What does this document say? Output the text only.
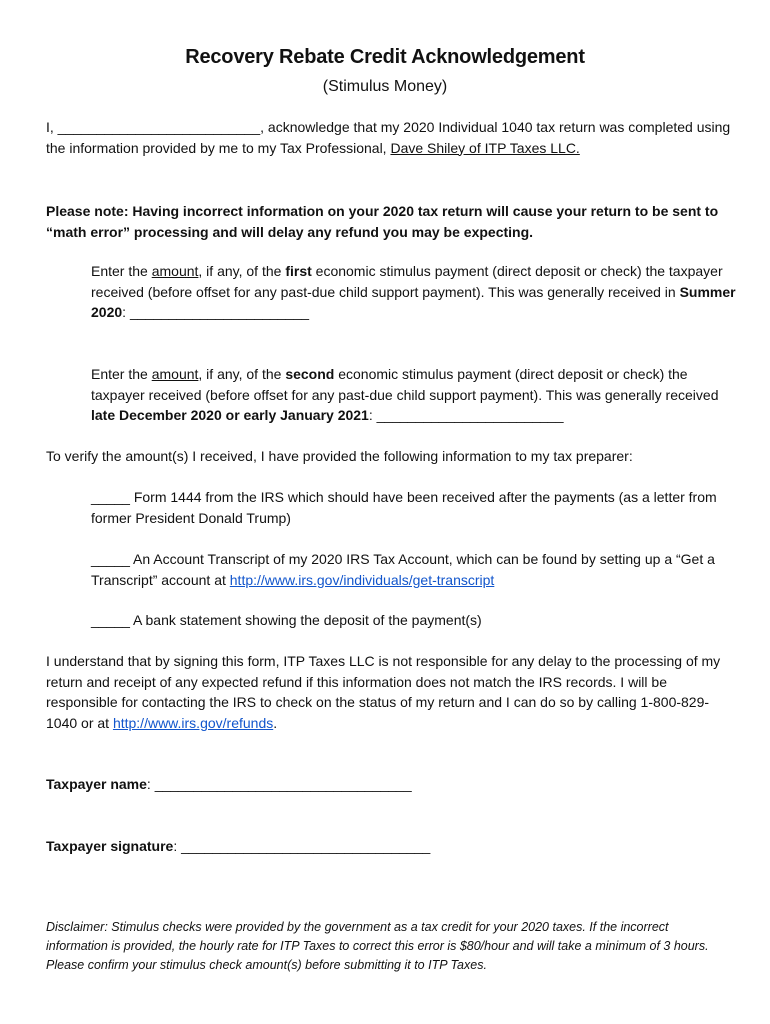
Recovery Rebate Credit Acknowledgement
(Stimulus Money)
I, __________________________, acknowledge that my 2020 Individual 1040 tax return was completed using the information provided by me to my Tax Professional, Dave Shiley of ITP Taxes LLC.
Please note: Having incorrect information on your 2020 tax return will cause your return to be sent to “math error” processing and will delay any refund you may be expecting.
Enter the amount, if any, of the first economic stimulus payment (direct deposit or check) the taxpayer received (before offset for any past-due child support payment). This was generally received in Summer 2020: _______________________
Enter the amount, if any, of the second economic stimulus payment (direct deposit or check) the taxpayer received (before offset for any past-due child support payment). This was generally received late December 2020 or early January 2021: ________________________
To verify the amount(s) I received, I have provided the following information to my tax preparer:
_____ Form 1444 from the IRS which should have been received after the payments (as a letter from former President Donald Trump)
_____ An Account Transcript of my 2020 IRS Tax Account, which can be found by setting up a “Get a Transcript” account at http://www.irs.gov/individuals/get-transcript
_____ A bank statement showing the deposit of the payment(s)
I understand that by signing this form, ITP Taxes LLC is not responsible for any delay to the processing of my return and receipt of any expected refund if this information does not match the IRS records. I will be responsible for contacting the IRS to check on the status of my return and I can do so by calling 1-800-829-1040 or at http://www.irs.gov/refunds.
Taxpayer name: _________________________________
Taxpayer signature: ________________________________
Disclaimer: Stimulus checks were provided by the government as a tax credit for your 2020 taxes. If the incorrect information is provided, the hourly rate for ITP Taxes to correct this error is $80/hour and will take a minimum of 3 hours. Please confirm your stimulus check amount(s) before submitting it to ITP Taxes.
